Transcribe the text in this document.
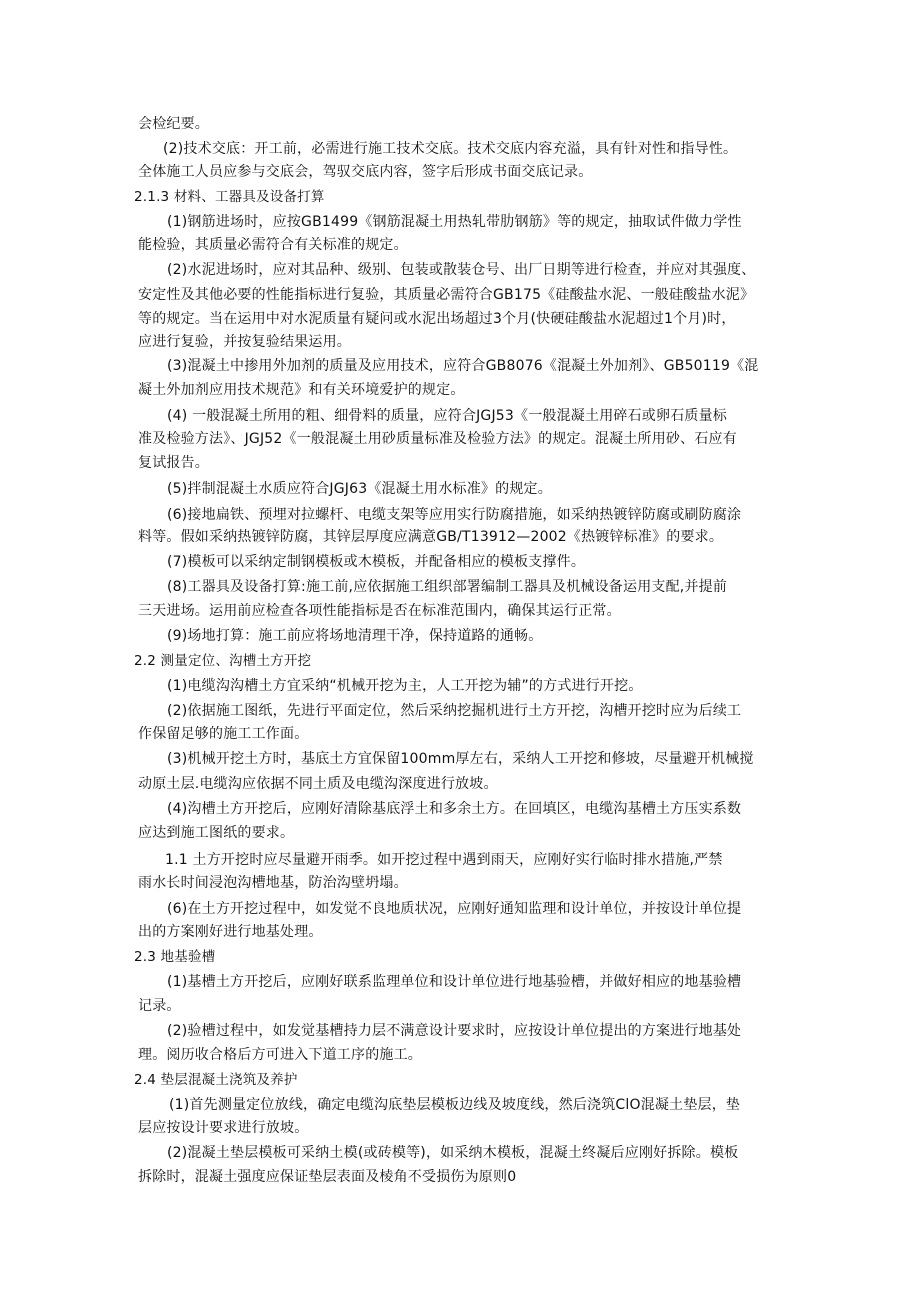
会检纪要。
(2)技术交底：开工前，必需进行施工技术交底。技术交底内容充溢，具有针对性和指导性。
全体施工人员应参与交底会，驾驭交底内容，签字后形成书面交底记录。
2.1.3 材料、工器具及设备打算
(1)钢筋进场时，应按GB1499《钢筋混凝土用热轧带肋钢筋》等的规定，抽取试件做力学性
能检验，其质量必需符合有关标准的规定。
(2)水泥进场时，应对其品种、级别、包装或散装仓号、出厂日期等进行检查，并应对其强度、
安定性及其他必要的性能指标进行复验，其质量必需符合GB175《硅酸盐水泥、一般硅酸盐水泥》
等的规定。当在运用中对水泥质量有疑问或水泥出场超过3个月(快硬硅酸盐水泥超过1个月)时，
应进行复验，并按复验结果运用。
(3)混凝土中掺用外加剂的质量及应用技术，应符合GB8076《混凝土外加剂》、GB50119《混
凝土外加剂应用技术规范》和有关环境爱护的规定。
(4) 一般混凝土所用的粗、细骨料的质量，应符合JGJ53《一般混凝土用碎石或卵石质量标
准及检验方法》、JGJ52《一般混凝土用砂质量标准及检验方法》的规定。混凝土所用砂、石应有
复试报告。
(5)拌制混凝土水质应符合JGJ63《混凝土用水标准》的规定。
(6)接地扁铁、预埋对拉螺杆、电缆支架等应用实行防腐措施，如采纳热镀锌防腐或刷防腐涂
料等。假如采纳热镀锌防腐，其锌层厚度应满意GB/T13912—2002《热镀锌标准》的要求。
(7)模板可以采纳定制钢模板或木模板，并配备相应的模板支撑件。
(8)工器具及设备打算:施工前,应依据施工组织部署编制工器具及机械设备运用支配,并提前
三天进场。运用前应检查各项性能指标是否在标准范围内，确保其运行正常。
(9)场地打算：施工前应将场地清理干净，保持道路的通畅。
2.2 测量定位、沟槽土方开挖
(1)电缆沟沟槽土方宜采纳“机械开挖为主，人工开挖为辅”的方式进行开挖。
(2)依据施工图纸，先进行平面定位，然后采纳挖掘机进行土方开挖，沟槽开挖时应为后续工
作保留足够的施工工作面。
(3)机械开挖土方时，基底土方宜保留100mm厚左右，采纳人工开挖和修坡，尽量避开机械搅
动原土层.电缆沟应依据不同土质及电缆沟深度进行放坡。
(4)沟槽土方开挖后，应刚好清除基底浮土和多余土方。在回填区，电缆沟基槽土方压实系数
应达到施工图纸的要求。
1.1 土方开挖时应尽量避开雨季。如开挖过程中遇到雨天，应刚好实行临时排水措施,严禁
雨水长时间浸泡沟槽地基，防治沟壁坍塌。
(6)在土方开挖过程中，如发觉不良地质状况，应刚好通知监理和设计单位，并按设计单位提
出的方案刚好进行地基处理。
2.3 地基验槽
(1)基槽土方开挖后，应刚好联系监理单位和设计单位进行地基验槽，并做好相应的地基验槽
记录。
(2)验槽过程中，如发觉基槽持力层不满意设计要求时，应按设计单位提出的方案进行地基处
理。阅历收合格后方可进入下道工序的施工。
2.4 垫层混凝土浇筑及养护
(1)首先测量定位放线，确定电缆沟底垫层模板边线及坡度线，然后浇筑ClO混凝土垫层，垫
层应按设计要求进行放坡。
(2)混凝土垫层模板可采纳土模(或砖模等)，如采纳木模板，混凝土终凝后应刚好拆除。模板
拆除时，混凝土强度应保证垫层表面及棱角不受损伤为原则0
